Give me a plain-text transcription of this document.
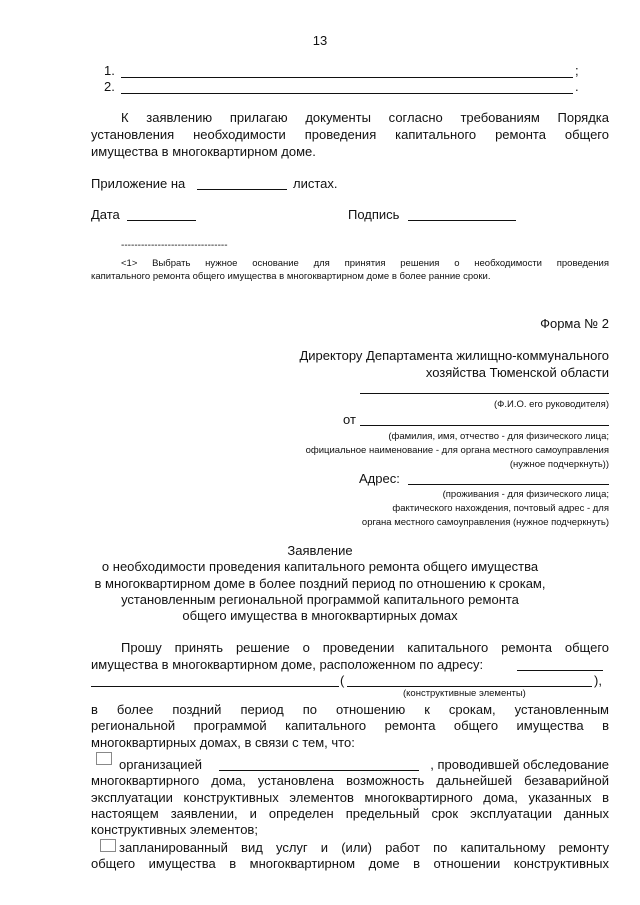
13
1.	;
2.	.
К заявлению прилагаю документы согласно требованиям Порядка
установления необходимости проведения капитального ремонта общего
имущества в многоквартирном доме.
Приложение на	листах.
Дата	Подпись
--------------------------------
<1> Выбрать нужное основание для принятия решения о необходимости проведения
капитального ремонта общего имущества в многоквартирном доме в более ранние сроки.
Форма № 2
Директору Департамента жилищно-коммунального
хозяйства Тюменской области
(Ф.И.О. его руководителя)
от
(фамилия, имя, отчество - для физического лица;
официальное наименование - для органа местного самоуправления
(нужное подчеркнуть))
Адрес:
(проживания - для физического лица;
фактического нахождения, почтовый адрес - для
органа местного самоуправления (нужное подчеркнуть)
Заявление
о необходимости проведения капитального ремонта общего имущества
в многоквартирном доме в более поздний период по отношению к срокам,
установленным региональной программой капитального ремонта
общего имущества в многоквартирных домах
Прошу принять решение о проведении капитального ремонта общего
имущества в многоквартирном доме, расположенном по адресу:
(	),
(конструктивные элементы)
в более поздний период по отношению к срокам, установленным
региональной программой капитального ремонта общего имущества в
многоквартирных домах, в связи с тем, что:
организацией	, проводившей обследование
многоквартирного дома, установлена возможность дальнейшей безаварийной
эксплуатации конструктивных элементов многоквартирного дома, указанных в
настоящем заявлении, и определен предельный срок эксплуатации данных
конструктивных элементов;
запланированный вид услуг и (или) работ по капитальному ремонту
общего имущества в многоквартирном доме в отношении конструктивных
